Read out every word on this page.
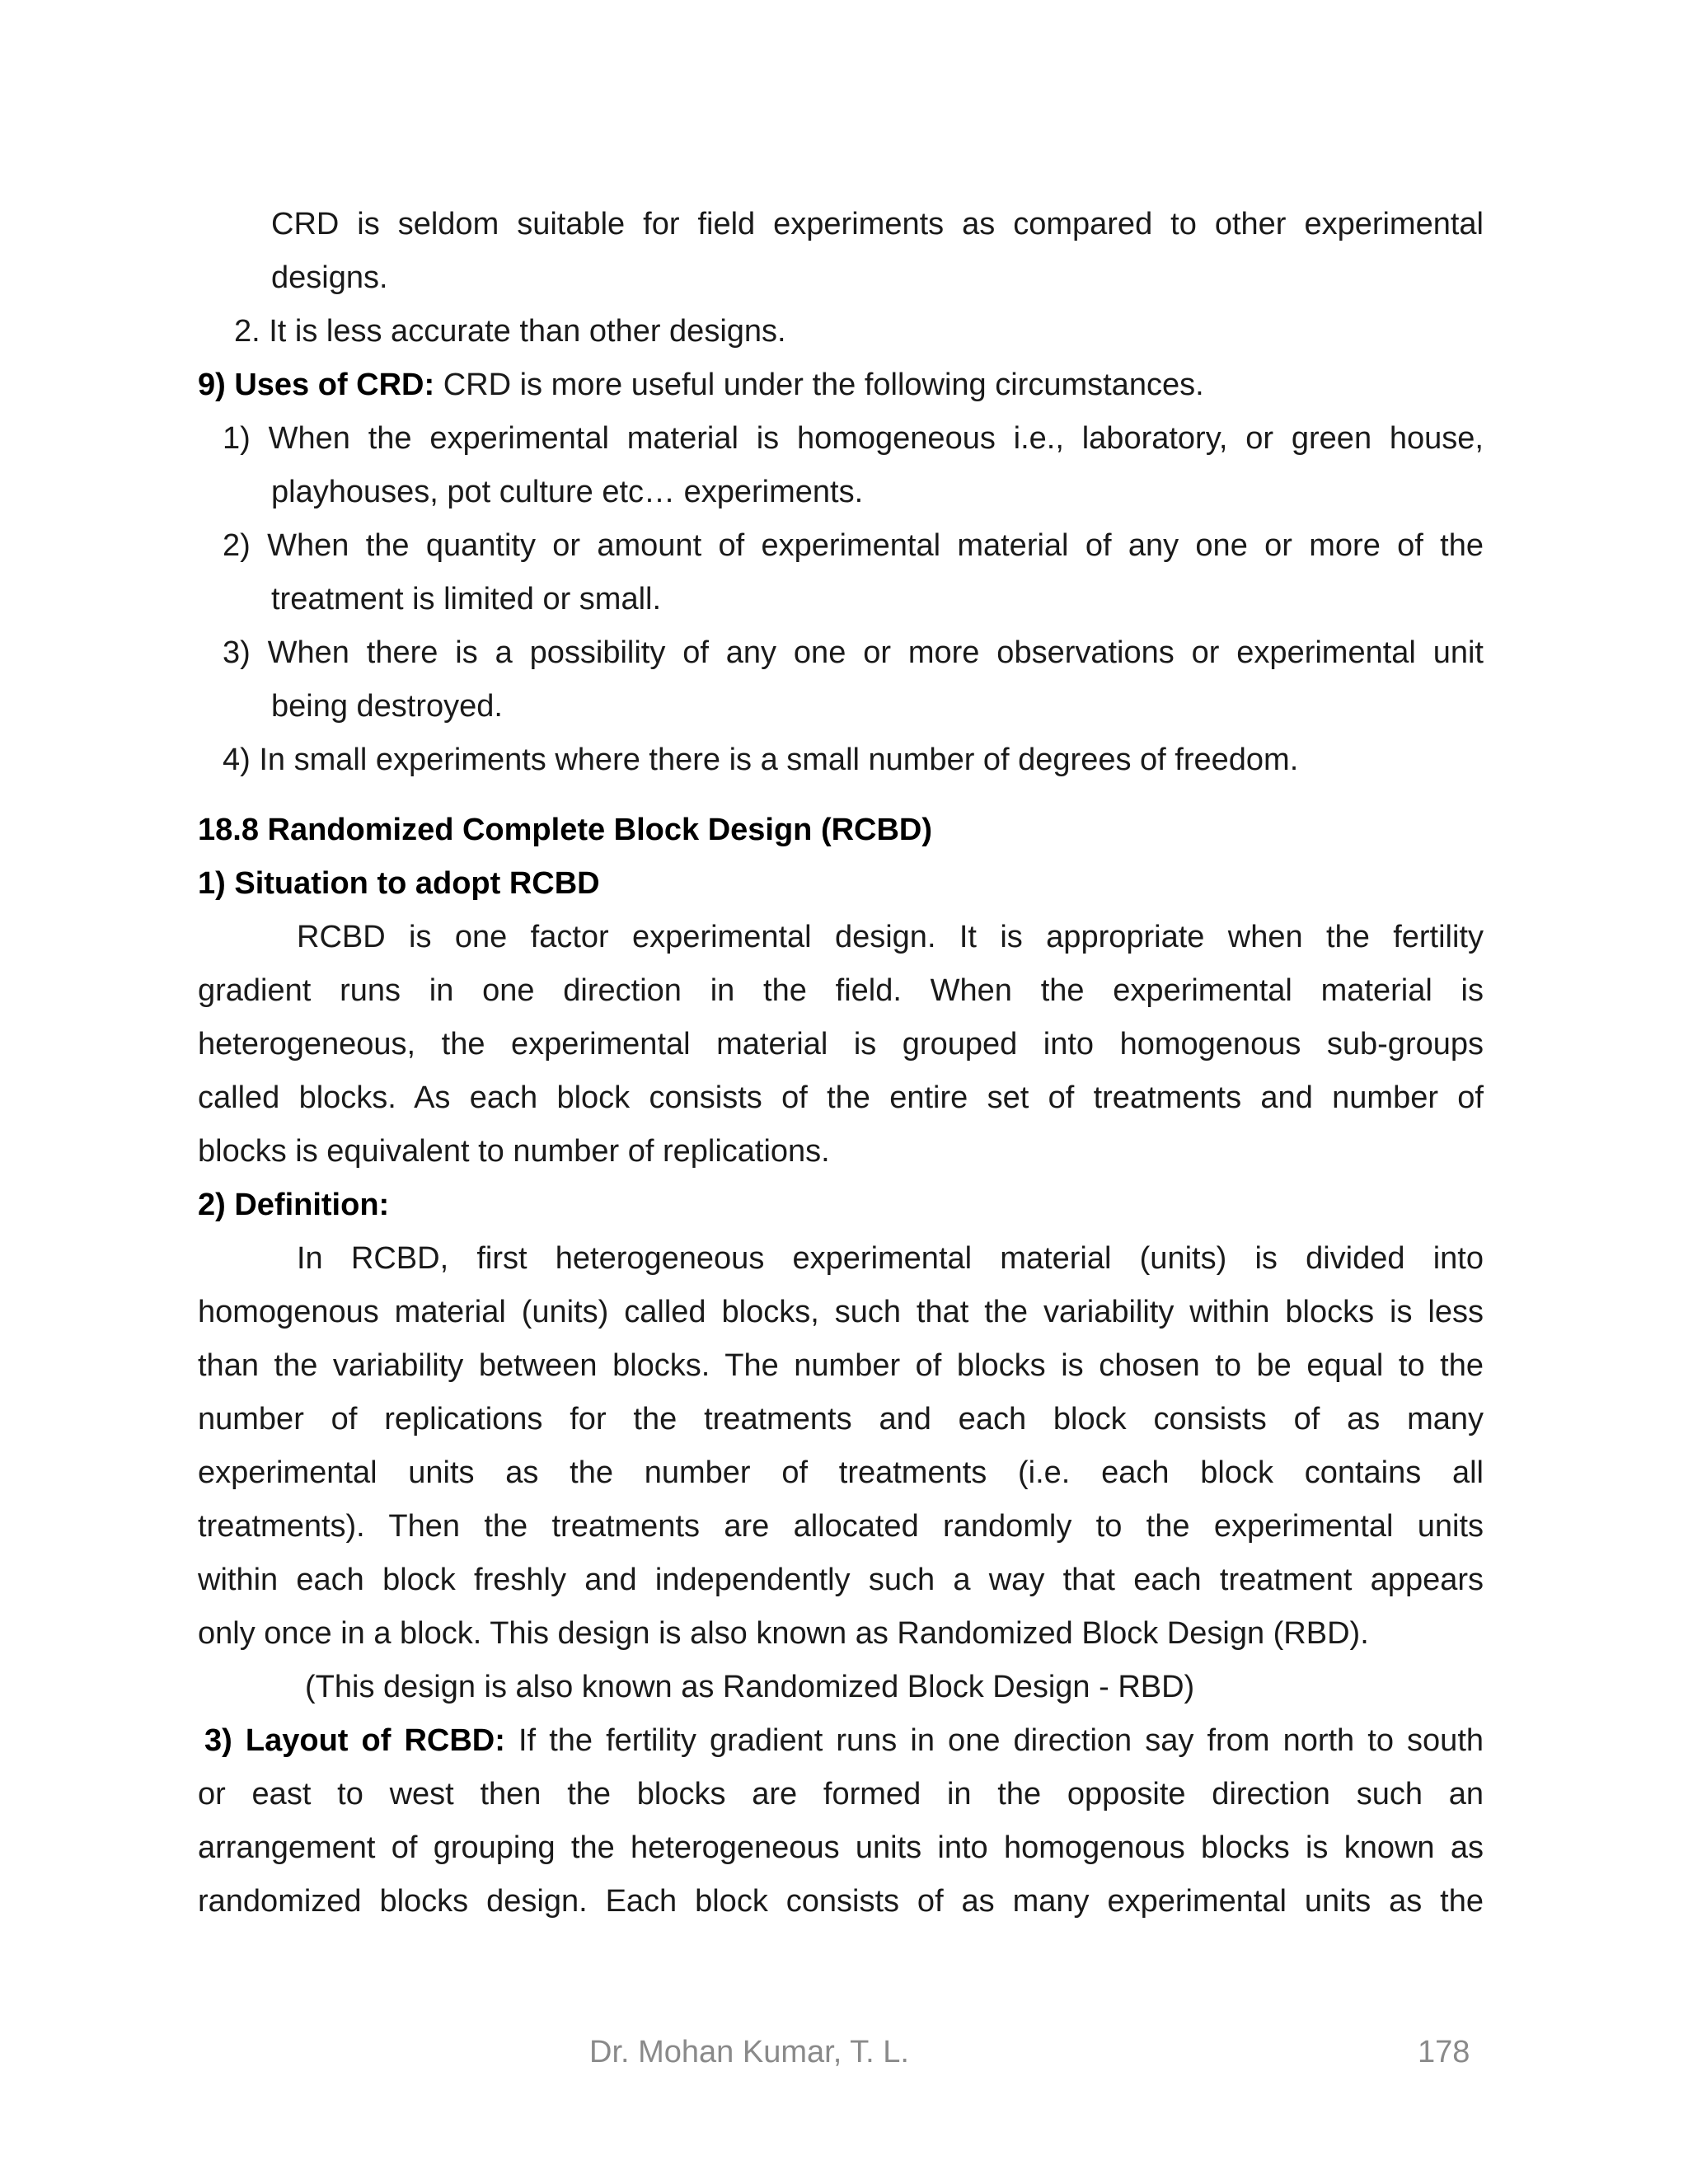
CRD is seldom suitable for field experiments as compared to other experimental
designs.
2. It is less accurate than other designs.
9) Uses of CRD: CRD is more useful under the following circumstances.
1) When the experimental material is homogeneous i.e., laboratory, or green house,
playhouses, pot culture etc… experiments.
2) When the quantity or amount of experimental material of any one or more of the
treatment is limited or small.
3) When there is a possibility of any one or more observations or experimental unit
being destroyed.
4) In small experiments where there is a small number of degrees of freedom.
18.8 Randomized Complete Block Design (RCBD)
1) Situation to adopt RCBD
RCBD is one factor experimental design. It is appropriate when the fertility
gradient runs in one direction in the field. When the experimental material is
heterogeneous, the experimental material is grouped into homogenous sub-groups
called blocks. As each block consists of the entire set of treatments and number of
blocks is equivalent to number of replications.
2) Definition:
In RCBD, first heterogeneous experimental material (units) is divided into
homogenous material (units) called blocks, such that the variability within blocks is less
than the variability between blocks. The number of blocks is chosen to be equal to the
number of replications for the treatments and each block consists of as many
experimental units as the number of treatments (i.e. each block contains all
treatments). Then the treatments are allocated randomly to the experimental units
within each block freshly and independently such a way that each treatment appears
only once in a block. This design is also known as Randomized Block Design (RBD).
(This design is also known as Randomized Block Design - RBD)
3) Layout of RCBD: If the fertility gradient runs in one direction say from north to south
or east to west then the blocks are formed in the opposite direction such an
arrangement of grouping the heterogeneous units into homogenous blocks is known as
randomized blocks design. Each block consists of as many experimental units as the
Dr. Mohan Kumar, T. L.	178
